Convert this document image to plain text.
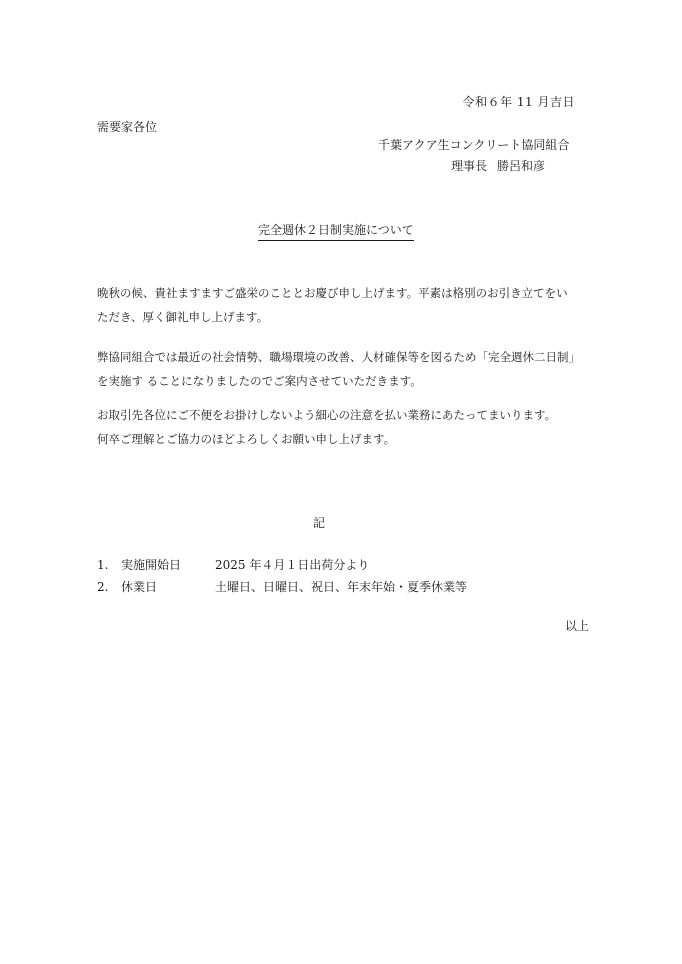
令和６年 11 月吉日
需要家各位
千葉アクア生コンクリート協同組合
理事長 勝呂和彦
完全週休２日制実施について
晩秋の候、貴社ますますご盛栄のこととお慶び申し上げます。平素は格別のお引き立てをい
ただき、厚く御礼申し上げます。
弊協同組合では最近の社会情勢、職場環境の改善、人材確保等を図るため「完全週休二日制」
を実施す ることになりましたのでご案内させていただきます。
お取引先各位にご不便をお掛けしないよう細心の注意を払い業務にあたってまいります。
何卒ご理解とご協力のほどよろしくお願い申し上げます。
記
1. 実施開始日	2025 年４月１日出荷分より
2. 休業日	土曜日、日曜日、祝日、年末年始・夏季休業等
以上
